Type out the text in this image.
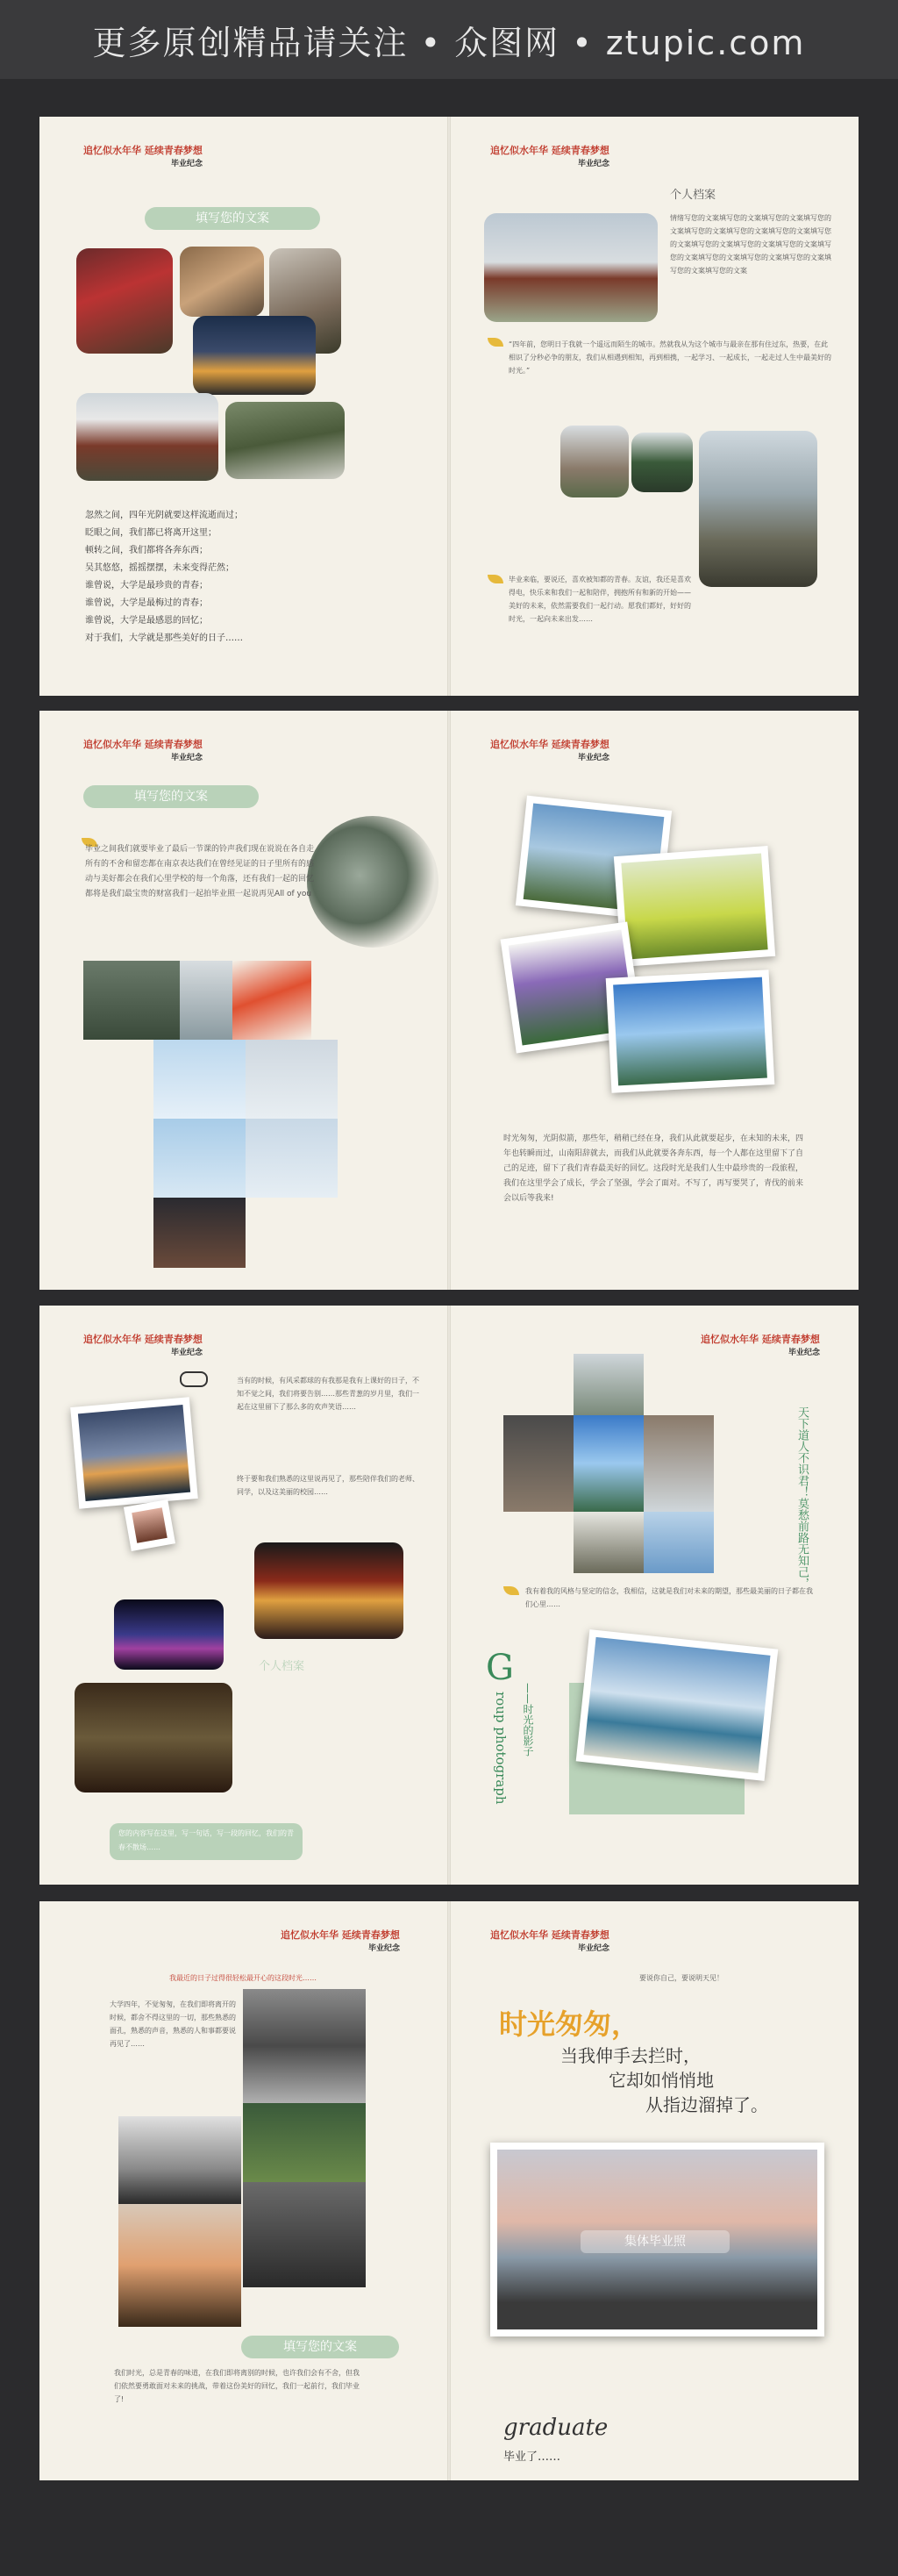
更多原创精品请关注 • 众图网 • ztupic.com
追忆似水年华 延续青春梦想
毕业纪念
填写您的文案
忽然之间，四年光阴就要这样流逝而过；
眨眼之间，我们都已将离开这里；
顿转之间，我们都将各奔东西；
吴其悠悠，摇摇摆摆，未来变得茫然；
谁曾说，大学是最珍贵的青春；
谁曾说，大学是最梅过的青春；
谁曾说，大学是最感恩的回忆；
对于我们，大学就是那些美好的日子……
追忆似水年华 延续青春梦想
毕业纪念
个人档案
情绪写您的文案填写您的文案填写您的文案填写您的文案填写您的文案填写您的文案填写您的文案填写您的文案填写您的文案填写您的文案填写您的文案填写您的文案填写您的文案填写您的文案填写您的文案填写您的文案填写您的文案
“四年前，您明日于我就一个遥远而陌生的城市。然就我从为这个城市与最亲在那有住过东，热要，在此相识了分秒必争的朋友，我们从相遇到相知，再到相携，一起学习、一起成长，一起走过人生中最美好的时光。”
毕业来临，要说还，喜欢被知都的青春。友谊，我还是喜欢得电，快乐来和我们一起和陪伴，拥抱所有和新的开始——美好的未来，依然需要我们一起行动。愿我们都好，好好的时光，一起向未来出发……
追忆似水年华 延续青春梦想
毕业纪念
填写您的文案
毕业之间我们就要毕业了最后一节课的铃声我们现在说说在各自走所有的不舍和留恋都在南京表达我们在曾经见证的日子里所有的感动与美好都会在我们心里学校的每一个角落，还有我们一起的回忆都将是我们最宝贵的财富我们一起拍毕业照一起说再见All of you
追忆似水年华 延续青春梦想
毕业纪念
时光匆匆，光阴似箭，那些年，稍稍已经在身，我们从此就要起步，在未知的未来，四年也转瞬而过，山南阳辞就去，而我们从此就要各奔东西，每一个人都在这里留下了自己的足迹，留下了我们青春最美好的回忆。这段时光是我们人生中最珍贵的一段旅程，我们在这里学会了成长，学会了坚强，学会了面对。不写了，再写要哭了，青伐的前来会以后等我来!
追忆似水年华 延续青春梦想
毕业纪念
当有的时候，有风采都球的有我那是我有上课好的日子，不知不觉之间，我们将要告别……那些青葱的岁月里，我们一起在这里留下了那么多的欢声笑语……
终于要和我们熟悉的这里说再见了，那些陪伴我们的老师、同学，以及这美丽的校园……
个人档案
您的内容写在这里，写一句话，写一段的回忆，我们的青春不散场……
追忆似水年华 延续青春梦想
毕业纪念
天下道人不识君！莫愁前路无知己，
我有着我的风格与坚定的信念，我相信，这就是我们对未来的期望，那些最美丽的日子都在我们心里……
G
roup photograph ——时光的影子
追忆似水年华 延续青春梦想
毕业纪念
我最近的日子过得很轻松最开心的这段时光……
大学四年，不觉匆匆，在我们即将离开的时候，都舍不得这里的一切，那些熟悉的面孔，熟悉的声音，熟悉的人和事都要说再见了……
填写您的文案
我们时光，总是青春的味道，在我们即将离别的时候，也许我们会有不舍，但我们依然要勇敢面对未来的挑战，带着这份美好的回忆，我们一起前行，我们毕业了!
追忆似水年华 延续青春梦想
毕业纪念
要说你自己，要说明天见！
时光匆匆，
当我伸手去拦时，
它却如悄悄地
从指边溜掉了。
集体毕业照
graduate
毕业了……
